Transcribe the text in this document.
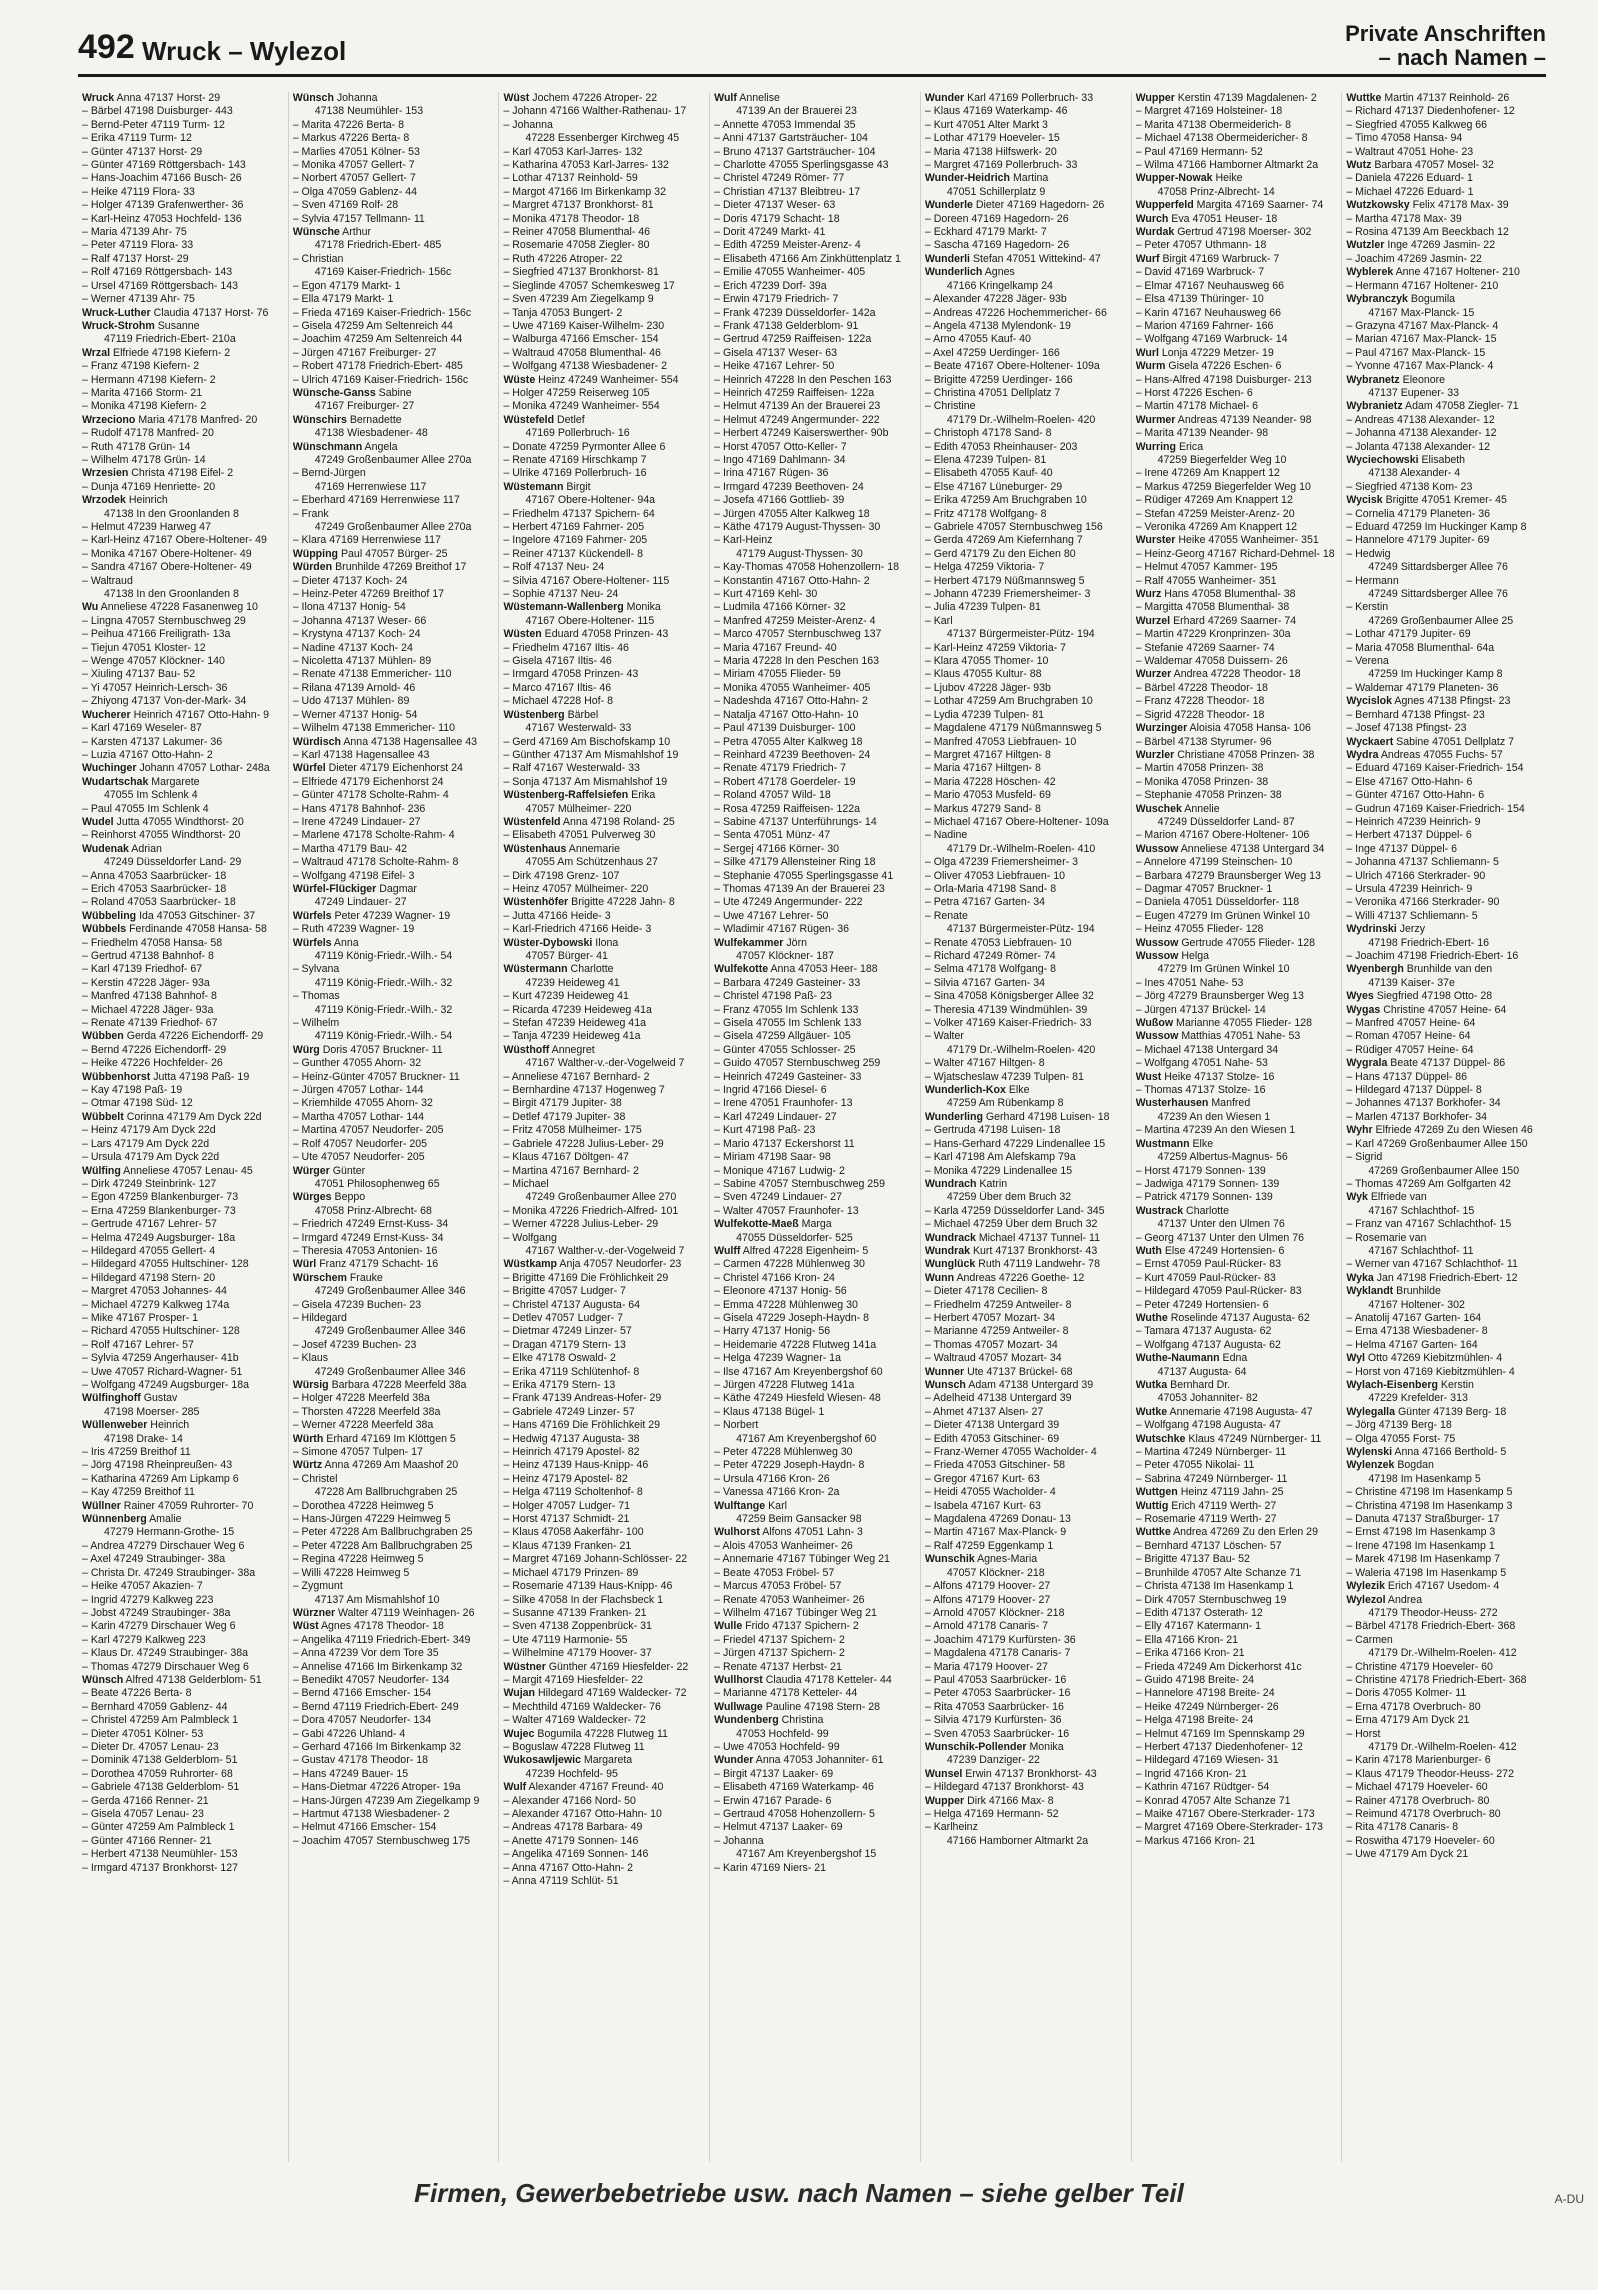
492 Wruck – Wylezol
Private Anschriften
– nach Namen –
Wruck Anna 47137 Horst- 29
– Bärbel 47198 Duisburger- 443
– Bernd-Peter 47119 Turm- 12
– Erika 47119 Turm- 12
– Günter 47137 Horst- 29
– Günter 47169 Röttgersbach- 143
– Hans-Joachim 47166 Busch- 26
– Heike 47119 Flora- 33
– Holger 47139 Grafenwerther- 36
– Karl-Heinz 47053 Hochfeld- 136
– Maria 47139 Ahr- 75
– Peter 47119 Flora- 33
– Ralf 47137 Horst- 29
– Rolf 47169 Röttgersbach- 143
– Ursel 47169 Röttgersbach- 143
– Werner 47139 Ahr- 75
Wruck-Luther Claudia 47137 Horst- 76
Wruck-Strohm Susanne
47119 Friedrich-Ebert- 210a
Wrzal Elfriede 47198 Kiefern- 2
– Franz 47198 Kiefern- 2
– Hermann 47198 Kiefern- 2
– Marita 47166 Storm- 21
– Monika 47198 Kiefern- 2
Wrzeciono Maria 47178 Manfred- 20
– Rudolf 47178 Manfred- 20
– Ruth 47178 Grün- 14
– Wilhelm 47178 Grün- 14
Wrzesien Christa 47198 Eifel- 2
– Dunja 47169 Henriette- 20
Wrzodek Heinrich
47138 In den Groonlanden 8
– Helmut 47239 Harweg 47
– Karl-Heinz 47167 Obere-Holtener- 49
– Monika 47167 Obere-Holtener- 49
– Sandra 47167 Obere-Holtener- 49
– Waltraud
47138 In den Groonlanden 8
Wu Anneliese 47228 Fasanenweg 10
– Lingna 47057 Sternbuschweg 29
– Peihua 47166 Freiligrath- 13a
– Tiejun 47051 Kloster- 12
– Wenge 47057 Klöckner- 140
– Xiuling 47137 Bau- 52
– Yi 47057 Heinrich-Lersch- 36
– Zhiyong 47137 Von-der-Mark- 34
Wucherer Heinrich 47167 Otto-Hahn- 9
– Karl 47169 Weseler- 87
– Karsten 47137 Lakumer- 36
– Luzia 47167 Otto-Hahn- 2
Wuchinger Johann 47057 Lothar- 248a
Wudartschak Margarete
47055 Im Schlenk 4
– Paul 47055 Im Schlenk 4
Wudel Jutta 47055 Windthorst- 20
– Reinhorst 47055 Windthorst- 20
Wudenak Adrian
47249 Düsseldorfer Land- 29
– Anna 47053 Saarbrücker- 18
– Erich 47053 Saarbrücker- 18
– Roland 47053 Saarbrücker- 18
Wübbeling Ida 47053 Gitschiner- 37
Wübbels Ferdinande 47058 Hansa- 58
– Friedhelm 47058 Hansa- 58
– Gertrud 47138 Bahnhof- 8
– Karl 47139 Friedhof- 67
– Kerstin 47228 Jäger- 93a
– Manfred 47138 Bahnhof- 8
– Michael 47228 Jäger- 93a
– Renate 47139 Friedhof- 67
Wübben Gerda 47226 Eichendorff- 29
– Bernd 47226 Eichendorff- 29
– Heike 47226 Hochfelder- 26
Wübbenhorst Jutta 47198 Paß- 19
– Kay 47198 Paß- 19
– Otmar 47198 Süd- 12
Wübbelt Corinna 47179 Am Dyck 22d
– Heinz 47179 Am Dyck 22d
– Lars 47179 Am Dyck 22d
– Ursula 47179 Am Dyck 22d
Wülfing Anneliese 47057 Lenau- 45
– Dirk 47249 Steinbrink- 127
– Egon 47259 Blankenburger- 73
– Erna 47259 Blankenburger- 73
– Gertrude 47167 Lehrer- 57
– Helma 47249 Augsburger- 18a
– Hildegard 47055 Gellert- 4
– Hildegard 47055 Hultschiner- 128
– Hildegard 47198 Stern- 20
– Margret 47053 Johannes- 44
– Michael 47279 Kalkweg 174a
– Mike 47167 Prosper- 1
– Richard 47055 Hultschiner- 128
– Rolf 47167 Lehrer- 57
– Sylvia 47259 Angerhauser- 41b
– Uwe 47057 Richard-Wagner- 51
– Wolfgang 47249 Augsburger- 18a
Wülfinghoff Gustav
47198 Moerser- 285
Wüllenweber Heinrich
47198 Drake- 14
– Iris 47259 Breithof 11
– Jörg 47198 Rheinpreußen- 43
– Katharina 47269 Am Lipkamp 6
– Kay 47259 Breithof 11
Wüllner Rainer 47059 Ruhrorter- 70
Wünnenberg Amalie
47279 Hermann-Grothe- 15
– Andrea 47279 Dirschauer Weg 6
– Axel 47249 Straubinger- 38a
– Christa Dr. 47249 Straubinger- 38a
– Heike 47057 Akazien- 7
– Ingrid 47279 Kalkweg 223
– Jobst 47249 Straubinger- 38a
– Karin 47279 Dirschauer Weg 6
– Karl 47279 Kalkweg 223
– Klaus Dr. 47249 Straubinger- 38a
– Thomas 47279 Dirschauer Weg 6
Wünsch Alfred 47138 Gelderblom- 51
– Beate 47226 Berta- 8
– Bernhard 47059 Gablenz- 44
– Christel 47259 Am Palmbleck 1
– Dieter 47051 Kölner- 53
– Dieter Dr. 47057 Lenau- 23
– Dominik 47138 Gelderblom- 51
– Dorothea 47059 Ruhrorter- 68
– Gabriele 47138 Gelderblom- 51
– Gerda 47166 Renner- 21
– Gisela 47057 Lenau- 23
– Günter 47259 Am Palmbleck 1
– Günter 47166 Renner- 21
– Herbert 47138 Neumühler- 153
– Irmgard 47137 Bronkhorst- 127
Wünsch Johanna
47138 Neumühler- 153
– Marita 47226 Berta- 8
– Markus 47226 Berta- 8
– Marlies 47051 Kölner- 53
– Monika 47057 Gellert- 7
– Norbert 47057 Gellert- 7
– Olga 47059 Gablenz- 44
– Sven 47169 Rolf- 28
– Sylvia 47157 Tellmann- 11
Wünsche Arthur
47178 Friedrich-Ebert- 485
– Christian
47169 Kaiser-Friedrich- 156c
– Egon 47179 Markt- 1
– Ella 47179 Markt- 1
– Frieda 47169 Kaiser-Friedrich- 156c
– Gisela 47259 Am Seltenreich 44
– Joachim 47259 Am Seltenreich 44
– Jürgen 47167 Freiburger- 27
– Robert 47178 Friedrich-Ebert- 485
– Ulrich 47169 Kaiser-Friedrich- 156c
Wünsche-Ganss Sabine
47167 Freiburger- 27
Wünschirs Bernadette
47138 Wiesbadener- 48
Wünschmann Angela
47249 Großenbaumer Allee 270a
– Bernd-Jürgen
47169 Herrenwiese 117
– Eberhard 47169 Herrenwiese 117
– Frank
47249 Großenbaumer Allee 270a
– Klara 47169 Herrenwiese 117
Wüpping Paul 47057 Bürger- 25
Würden Brunhilde 47269 Breithof 17
– Dieter 47137 Koch- 24
– Heinz-Peter 47269 Breithof 17
– Ilona 47137 Honig- 54
– Johanna 47137 Weser- 66
– Krystyna 47137 Koch- 24
– Nadine 47137 Koch- 24
– Nicoletta 47137 Mühlen- 89
– Renate 47138 Emmericher- 110
– Rilana 47139 Arnold- 46
– Udo 47137 Mühlen- 89
– Werner 47137 Honig- 54
– Wilhelm 47138 Emmericher- 110
Würdisch Anna 47138 Hagensallee 43
– Karl 47138 Hagensallee 43
Würfel Dieter 47179 Eichenhorst 24
– Elfriede 47179 Eichenhorst 24
– Günter 47178 Scholte-Rahm- 4
– Hans 47178 Bahnhof- 236
– Irene 47249 Lindauer- 27
– Marlene 47178 Scholte-Rahm- 4
– Martha 47179 Bau- 42
– Waltraud 47178 Scholte-Rahm- 8
– Wolfgang 47198 Eifel- 3
Würfel-Flückiger Dagmar
47249 Lindauer- 27
Würfels Peter 47239 Wagner- 19
– Ruth 47239 Wagner- 19
Würfels Anna
47119 König-Friedr.-Wilh.- 54
– Sylvana
47119 König-Friedr.-Wilh.- 32
– Thomas
47119 König-Friedr.-Wilh.- 32
– Wilhelm
47119 König-Friedr.-Wilh.- 54
Würg Doris 47057 Bruckner- 11
– Gunther 47055 Ahorn- 32
– Heinz-Günter 47057 Bruckner- 11
– Jürgen 47057 Lothar- 144
– Kriemhilde 47055 Ahorn- 32
– Martha 47057 Lothar- 144
– Martina 47057 Neudorfer- 205
– Rolf 47057 Neudorfer- 205
– Ute 47057 Neudorfer- 205
Würger Günter
47051 Philosophenweg 65
Würges Beppo
47058 Prinz-Albrecht- 68
– Friedrich 47249 Ernst-Kuss- 34
– Irmgard 47249 Ernst-Kuss- 34
– Theresia 47053 Antonien- 16
Würl Franz 47179 Schacht- 16
Würschem Frauke
47249 Großenbaumer Allee 346
– Gisela 47239 Buchen- 23
– Hildegard
47249 Großenbaumer Allee 346
– Josef 47239 Buchen- 23
– Klaus
47249 Großenbaumer Allee 346
Würsig Barbara 47228 Meerfeld 38a
– Holger 47228 Meerfeld 38a
– Thorsten 47228 Meerfeld 38a
– Werner 47228 Meerfeld 38a
Würth Erhard 47169 Im Klöttgen 5
– Simone 47057 Tulpen- 17
Würtz Anna 47269 Am Maashof 20
– Christel
47228 Am Ballbruchgraben 25
– Dorothea 47228 Heimweg 5
– Hans-Jürgen 47229 Heimweg 5
– Peter 47228 Am Ballbruchgraben 25
– Peter 47228 Am Ballbruchgraben 25
– Regina 47228 Heimweg 5
– Willi 47228 Heimweg 5
– Zygmunt
47137 Am Mismahlshof 10
Würzner Walter 47119 Weinhagen- 26
Wüst Agnes 47178 Theodor- 18
– Angelika 47119 Friedrich-Ebert- 349
– Anna 47239 Vor dem Tore 35
– Annelise 47166 Im Birkenkamp 32
– Benedikt 47057 Neudorfer- 134
– Bernd 47166 Emscher- 154
– Bernd 47119 Friedrich-Ebert- 249
– Dora 47057 Neudorfer- 134
– Gabi 47226 Uhland- 4
– Gerhard 47166 Im Birkenkamp 32
– Gustav 47178 Theodor- 18
– Hans 47249 Bauer- 15
– Hans-Dietmar 47226 Atroper- 19a
– Hans-Jürgen 47239 Am Ziegelkamp 9
– Hartmut 47138 Wiesbadener- 2
– Helmut 47166 Emscher- 154
– Joachim 47057 Sternbuschweg 175
Wüst Jochem 47226 Atroper- 22
– Johann 47166 Walther-Rathenau- 17
– Johanna
47228 Essenberger Kirchweg 45
– Karl 47053 Karl-Jarres- 132
– Katharina 47053 Karl-Jarres- 132
– Lothar 47137 Reinhold- 59
– Margot 47166 Im Birkenkamp 32
– Margret 47137 Bronkhorst- 81
– Monika 47178 Theodor- 18
– Reiner 47058 Blumenthal- 46
– Rosemarie 47058 Ziegler- 80
– Ruth 47226 Atroper- 22
– Siegfried 47137 Bronkhorst- 81
– Sieglinde 47057 Schemkesweg 17
– Sven 47239 Am Ziegelkamp 9
– Tanja 47053 Bungert- 2
– Uwe 47169 Kaiser-Wilhelm- 230
– Walburga 47166 Emscher- 154
– Waltraud 47058 Blumenthal- 46
– Wolfgang 47138 Wiesbadener- 2
Wüste Heinz 47249 Wanheimer- 554
– Holger 47259 Reiserweg 105
– Monika 47249 Wanheimer- 554
Wüstefeld Detlef
47169 Pollerbruch- 16
– Donate 47259 Pyrmonter Allee 6
– Renate 47169 Hirschkamp 7
– Ulrike 47169 Pollerbruch- 16
Wüstemann Birgit
47167 Obere-Holtener- 94a
– Friedhelm 47137 Spichern- 64
– Herbert 47169 Fahrner- 205
– Ingelore 47169 Fahrner- 205
– Reiner 47137 Kückendell- 8
– Rolf 47137 Neu- 24
– Silvia 47167 Obere-Holtener- 115
– Sophie 47137 Neu- 24
Wüstemann-Wallenberg Monika
47167 Obere-Holtener- 115
Wüsten Eduard 47058 Prinzen- 43
– Friedhelm 47167 Iltis- 46
– Gisela 47167 Iltis- 46
– Irmgard 47058 Prinzen- 43
– Marco 47167 Iltis- 46
– Michael 47228 Hof- 8
Wüstenberg Bärbel
47167 Westerwald- 33
– Gerd 47169 Am Bischofskamp 10
– Günther 47137 Am Mismahlshof 19
– Ralf 47167 Westerwald- 33
– Sonja 47137 Am Mismahlshof 19
Wüstenberg-Raffelsiefen Erika
47057 Mülheimer- 220
Wüstenfeld Anna 47198 Roland- 25
– Elisabeth 47051 Pulverweg 30
Wüstenhaus Annemarie
47055 Am Schützenhaus 27
– Dirk 47198 Grenz- 107
– Heinz 47057 Mülheimer- 220
Wüstenhöfer Brigitte 47228 Jahn- 8
– Jutta 47166 Heide- 3
– Karl-Friedrich 47166 Heide- 3
Wüster-Dybowski Ilona
47057 Bürger- 41
Wüstermann Charlotte
47239 Heideweg 41
– Kurt 47239 Heideweg 41
– Ricarda 47239 Heideweg 41a
– Stefan 47239 Heideweg 41a
– Tanja 47239 Heideweg 41a
Wüsthoff Annegret
47167 Walther-v.-der-Vogelweid 7
– Anneliese 47167 Bernhard- 2
– Bernhardine 47137 Hogenweg 7
– Birgit 47179 Jupiter- 38
– Detlef 47179 Jupiter- 38
– Fritz 47058 Mülheimer- 175
– Gabriele 47228 Julius-Leber- 29
– Klaus 47167 Döltgen- 47
– Martina 47167 Bernhard- 2
– Michael
47249 Großenbaumer Allee 270
– Monika 47226 Friedrich-Alfred- 101
– Werner 47228 Julius-Leber- 29
– Wolfgang
47167 Walther-v.-der-Vogelweid 7
Wüstkamp Anja 47057 Neudorfer- 23
– Brigitte 47169 Die Fröhlichkeit 29
– Brigitte 47057 Ludger- 7
– Christel 47137 Augusta- 64
– Detlev 47057 Ludger- 7
– Dietmar 47249 Linzer- 57
– Dragan 47179 Stern- 13
– Elke 47178 Oswald- 2
– Erika 47119 Schlütenhof- 8
– Erika 47179 Stern- 13
– Frank 47139 Andreas-Hofer- 29
– Gabriele 47249 Linzer- 57
– Hans 47169 Die Fröhlichkeit 29
– Hedwig 47137 Augusta- 38
– Heinrich 47179 Apostel- 82
– Heinz 47139 Haus-Knipp- 46
– Heinz 47179 Apostel- 82
– Helga 47119 Scholtenhof- 8
– Holger 47057 Ludger- 71
– Horst 47137 Schmidt- 21
– Klaus 47058 Aakerfähr- 100
– Klaus 47139 Franken- 21
– Margret 47169 Johann-Schlösser- 22
– Michael 47179 Prinzen- 89
– Rosemarie 47139 Haus-Knipp- 46
– Silke 47058 In der Flachsbeck 1
– Susanne 47139 Franken- 21
– Sven 47138 Zoppenbrück- 31
– Ute 47119 Harmonie- 55
– Wilhelmine 47179 Hoover- 37
Wüstner Günther 47169 Hiesfelder- 22
– Margit 47169 Hiesfelder- 22
Wujan Hildegard 47169 Waldecker- 72
– Mechthild 47169 Waldecker- 76
– Walter 47169 Waldecker- 72
Wujec Bogumila 47228 Flutweg 11
– Boguslaw 47228 Flutweg 11
Wukosawljewic Margareta
47239 Hochfeld- 95
Wulf Alexander 47167 Freund- 40
– Alexander 47166 Nord- 50
– Alexander 47167 Otto-Hahn- 10
– Andreas 47178 Barbara- 49
– Anette 47179 Sonnen- 146
– Angelika 47169 Sonnen- 146
– Anna 47167 Otto-Hahn- 2
– Anna 47119 Schlüt- 51
Wulf Annelise
47139 An der Brauerei 23
– Annette 47053 Immendal 35
– Anni 47137 Gartsträucher- 104
– Bruno 47137 Gartsträucher- 104
– Charlotte 47055 Sperlingsgasse 43
– Christel 47249 Römer- 77
– Christian 47137 Bleibtreu- 17
– Dieter 47137 Weser- 63
– Doris 47179 Schacht- 18
– Dorit 47249 Markt- 41
– Edith 47259 Meister-Arenz- 4
– Elisabeth 47166 Am Zinkhüttenplatz 1
– Emilie 47055 Wanheimer- 405
– Erich 47239 Dorf- 39a
– Erwin 47179 Friedrich- 7
– Frank 47239 Düsseldorfer- 142a
– Frank 47138 Gelderblom- 91
– Gertrud 47259 Raiffeisen- 122a
– Gisela 47137 Weser- 63
– Heike 47167 Lehrer- 50
– Heinrich 47228 In den Peschen 163
– Heinrich 47259 Raiffeisen- 122a
– Helmut 47139 An der Brauerei 23
– Helmut 47249 Angermunder- 222
– Herbert 47249 Kaiserswerther- 90b
– Horst 47057 Otto-Keller- 7
– Ingo 47169 Dahlmann- 34
– Irina 47167 Rügen- 36
– Irmgard 47239 Beethoven- 24
– Josefa 47166 Gottlieb- 39
– Jürgen 47055 Alter Kalkweg 18
– Käthe 47179 August-Thyssen- 30
– Karl-Heinz
47179 August-Thyssen- 30
– Kay-Thomas 47058 Hohenzollern- 18
– Konstantin 47167 Otto-Hahn- 2
– Kurt 47169 Kehl- 30
– Ludmila 47166 Körner- 32
– Manfred 47259 Meister-Arenz- 4
– Marco 47057 Sternbuschweg 137
– Maria 47167 Freund- 40
– Maria 47228 In den Peschen 163
– Miriam 47055 Flieder- 59
– Monika 47055 Wanheimer- 405
– Nadeshda 47167 Otto-Hahn- 2
– Natalja 47167 Otto-Hahn- 10
– Paul 47139 Duisburger- 100
– Petra 47055 Alter Kalkweg 18
– Reinhard 47239 Beethoven- 24
– Renate 47179 Friedrich- 7
– Robert 47178 Goerdeler- 19
– Roland 47057 Wild- 18
– Rosa 47259 Raiffeisen- 122a
– Sabine 47137 Unterführungs- 14
– Senta 47051 Münz- 47
– Sergej 47166 Körner- 30
– Silke 47179 Allensteiner Ring 18
– Stephanie 47055 Sperlingsgasse 41
– Thomas 47139 An der Brauerei 23
– Ute 47249 Angermunder- 222
– Uwe 47167 Lehrer- 50
– Wladimir 47167 Rügen- 36
Wulfekammer Jörn
47057 Klöckner- 187
Wulfekotte Anna 47053 Heer- 188
– Barbara 47249 Gasteiner- 33
– Christel 47198 Paß- 23
– Franz 47055 Im Schlenk 133
– Gisela 47055 Im Schlenk 133
– Gisela 47259 Allgäuer- 105
– Günter 47055 Schlosser- 25
– Guido 47057 Sternbuschweg 259
– Heinrich 47249 Gasteiner- 33
– Ingrid 47166 Diesel- 6
– Irene 47051 Fraunhofer- 13
– Karl 47249 Lindauer- 27
– Kurt 47198 Paß- 23
– Mario 47137 Eckershorst 11
– Miriam 47198 Saar- 98
– Monique 47167 Ludwig- 2
– Sabine 47057 Sternbuschweg 259
– Sven 47249 Lindauer- 27
– Walter 47057 Fraunhofer- 13
Wulfekotte-Maeß Marga
47055 Düsseldorfer- 525
Wulff Alfred 47228 Eigenheim- 5
– Carmen 47228 Mühlenweg 30
– Christel 47166 Kron- 24
– Eleonore 47137 Honig- 56
– Emma 47228 Mühlenweg 30
– Gisela 47229 Joseph-Haydn- 8
– Harry 47137 Honig- 56
– Heidemarie 47228 Flutweg 141a
– Helga 47239 Wagner- 1a
– Ilse 47167 Am Kreyenbergshof 60
– Jürgen 47228 Flutweg 141a
– Käthe 47249 Hiesfeld Wiesen- 48
– Klaus 47138 Bügel- 1
– Norbert
47167 Am Kreyenbergshof 60
– Peter 47228 Mühlenweg 30
– Peter 47229 Joseph-Haydn- 8
– Ursula 47166 Kron- 26
– Vanessa 47166 Kron- 2a
Wulftange Karl
47259 Beim Gansacker 98
Wulhorst Alfons 47051 Lahn- 3
– Alois 47053 Wanheimer- 26
– Annemarie 47167 Tübinger Weg 21
– Beate 47053 Fröbel- 57
– Marcus 47053 Fröbel- 57
– Renate 47053 Wanheimer- 26
– Wilhelm 47167 Tübinger Weg 21
Wulle Frido 47137 Spichern- 2
– Friedel 47137 Spichern- 2
– Jürgen 47137 Spichern- 2
– Renate 47137 Herbst- 21
Wullhorst Claudia 47178 Ketteler- 44
– Marianne 47178 Ketteler- 44
Wullwage Pauline 47198 Stern- 28
Wundenberg Christina
47053 Hochfeld- 99
– Uwe 47053 Hochfeld- 99
Wunder Anna 47053 Johanniter- 61
– Birgit 47137 Laaker- 69
– Elisabeth 47169 Waterkamp- 46
– Erwin 47167 Parade- 6
– Gertraud 47058 Hohenzollern- 5
– Helmut 47137 Laaker- 69
– Johanna
47167 Am Kreyenbergshof 15
– Karin 47169 Niers- 21
Wunder Karl 47169 Pollerbruch- 33
– Klaus 47169 Waterkamp- 46
– Kurt 47051 Alter Markt 3
– Lothar 47179 Hoeveler- 15
– Maria 47138 Hilfswerk- 20
– Margret 47169 Pollerbruch- 33
Wunder-Heidrich Martina
47051 Schillerplatz 9
Wunderle Dieter 47169 Hagedorn- 26
– Doreen 47169 Hagedorn- 26
– Eckhard 47179 Markt- 7
– Sascha 47169 Hagedorn- 26
Wunderli Stefan 47051 Wittekind- 47
Wunderlich Agnes
47166 Kringelkamp 24
– Alexander 47228 Jäger- 93b
– Andreas 47226 Hochemmericher- 66
– Angela 47138 Mylendonk- 19
– Arno 47055 Kauf- 40
– Axel 47259 Uerdinger- 166
– Beate 47167 Obere-Holtener- 109a
– Brigitte 47259 Uerdinger- 166
– Christina 47051 Dellplatz 7
– Christine
47179 Dr.-Wilhelm-Roelen- 420
– Christoph 47178 Sand- 8
– Edith 47053 Rheinhauser- 203
– Elena 47239 Tulpen- 81
– Elisabeth 47055 Kauf- 40
– Else 47167 Lüneburger- 29
– Erika 47259 Am Bruchgraben 10
– Fritz 47178 Wolfgang- 8
– Gabriele 47057 Sternbuschweg 156
– Gerda 47269 Am Kiefernhang 7
– Gerd 47179 Zu den Eichen 80
– Helga 47259 Viktoria- 7
– Herbert 47179 Nüßmannsweg 5
– Johann 47239 Friemersheimer- 3
– Julia 47239 Tulpen- 81
– Karl
47137 Bürgermeister-Pütz- 194
– Karl-Heinz 47259 Viktoria- 7
– Klara 47055 Thomer- 10
– Klaus 47055 Kultur- 88
– Ljubov 47228 Jäger- 93b
– Lothar 47259 Am Bruchgraben 10
– Lydia 47239 Tulpen- 81
– Magdalene 47179 Nüßmannsweg 5
– Manfred 47053 Liebfrauen- 10
– Margret 47167 Hiltgen- 8
– Maria 47167 Hiltgen- 8
– Maria 47228 Höschen- 42
– Mario 47053 Musfeld- 69
– Markus 47279 Sand- 8
– Michael 47167 Obere-Holtener- 109a
– Nadine
47179 Dr.-Wilhelm-Roelen- 410
– Olga 47239 Friemersheimer- 3
– Oliver 47053 Liebfrauen- 10
– Orla-Maria 47198 Sand- 8
– Petra 47167 Garten- 34
– Renate
47137 Bürgermeister-Pütz- 194
– Renate 47053 Liebfrauen- 10
– Richard 47249 Römer- 74
– Selma 47178 Wolfgang- 8
– Silvia 47167 Garten- 34
– Sina 47058 Königsberger Allee 32
– Theresia 47139 Windmühlen- 39
– Volker 47169 Kaiser-Friedrich- 33
– Walter
47179 Dr.-Wilhelm-Roelen- 420
– Walter 47167 Hiltgen- 8
– Wjatscheslaw 47239 Tulpen- 81
Wunderlich-Kox Elke
47259 Am Rübenkamp 8
Wunderling Gerhard 47198 Luisen- 18
– Gertruda 47198 Luisen- 18
– Hans-Gerhard 47229 Lindenallee 15
– Karl 47198 Am Alefskamp 79a
– Monika 47229 Lindenallee 15
Wundrach Katrin
47259 Über dem Bruch 32
– Karla 47259 Düsseldorfer Land- 345
– Michael 47259 Über dem Bruch 32
Wundrack Michael 47137 Tunnel- 11
Wundrak Kurt 47137 Bronkhorst- 43
Wunglück Ruth 47119 Landwehr- 78
Wunn Andreas 47226 Goethe- 12
– Dieter 47178 Cecilien- 8
– Friedhelm 47259 Antweiler- 8
– Herbert 47057 Mozart- 34
– Marianne 47259 Antweiler- 8
– Thomas 47057 Mozart- 34
– Waltraud 47057 Mozart- 34
Wunner Ute 47137 Brückel- 68
Wunsch Adam 47138 Untergard 39
– Adelheid 47138 Untergard 39
– Ahmet 47137 Alsen- 27
– Dieter 47138 Untergard 39
– Edith 47053 Gitschiner- 69
– Franz-Werner 47055 Wacholder- 4
– Frieda 47053 Gitschiner- 58
– Gregor 47167 Kurt- 63
– Heidi 47055 Wacholder- 4
– Isabela 47167 Kurt- 63
– Magdalena 47269 Donau- 13
– Martin 47167 Max-Planck- 9
– Ralf 47259 Eggenkamp 1
Wunschik Agnes-Maria
47057 Klöckner- 218
– Alfons 47179 Hoover- 27
– Alfons 47179 Hoover- 27
– Arnold 47057 Klöckner- 218
– Arnold 47178 Canaris- 7
– Joachim 47179 Kurfürsten- 36
– Magdalena 47178 Canaris- 7
– Maria 47179 Hoover- 27
– Paul 47053 Saarbrücker- 16
– Peter 47053 Saarbrücker- 16
– Rita 47053 Saarbrücker- 16
– Silvia 47179 Kurfürsten- 36
– Sven 47053 Saarbrücker- 16
Wunschik-Pollender Monika
47239 Danziger- 22
Wunsel Erwin 47137 Bronkhorst- 43
– Hildegard 47137 Bronkhorst- 43
Wupper Dirk 47166 Max- 8
– Helga 47169 Hermann- 52
– Karlheinz
47166 Hamborner Altmarkt 2a
Wupper Kerstin 47139 Magdalenen- 2
– Margret 47169 Holsteiner- 18
– Marita 47138 Obermeiderich- 8
– Michael 47138 Obermeidericher- 8
– Paul 47169 Hermann- 52
– Wilma 47166 Hamborner Altmarkt 2a
Wupper-Nowak Heike
47058 Prinz-Albrecht- 14
Wupperfeld Margita 47169 Saarner- 74
Wurch Eva 47051 Heuser- 18
Wurdak Gertrud 47198 Moerser- 302
– Peter 47057 Uthmann- 18
Wurf Birgit 47169 Warbruck- 7
– David 47169 Warbruck- 7
– Elmar 47167 Neuhausweg 66
– Elsa 47139 Thüringer- 10
– Karin 47167 Neuhausweg 66
– Marion 47169 Fahrner- 166
– Wolfgang 47169 Warbruck- 14
Wurl Lonja 47229 Metzer- 19
Wurm Gisela 47226 Eschen- 6
– Hans-Alfred 47198 Duisburger- 213
– Horst 47226 Eschen- 6
– Martin 47178 Michael- 6
Wurmer Andreas 47139 Neander- 98
– Marita 47139 Neander- 98
Wurring Erica
47259 Biegerfelder Weg 10
– Irene 47269 Am Knappert 12
– Markus 47259 Biegerfelder Weg 10
– Rüdiger 47269 Am Knappert 12
– Stefan 47259 Meister-Arenz- 20
– Veronika 47269 Am Knappert 12
Wurster Heike 47055 Wanheimer- 351
– Heinz-Georg 47167 Richard-Dehmel- 18
– Helmut 47057 Kammer- 195
– Ralf 47055 Wanheimer- 351
Wurz Hans 47058 Blumenthal- 38
– Margitta 47058 Blumenthal- 38
Wurzel Erhard 47269 Saarner- 74
– Martin 47229 Kronprinzen- 30a
– Stefanie 47269 Saarner- 74
– Waldemar 47058 Duissern- 26
Wurzer Andrea 47228 Theodor- 18
– Bärbel 47228 Theodor- 18
– Franz 47228 Theodor- 18
– Sigrid 47228 Theodor- 18
Wurzinger Aloisia 47058 Hansa- 106
– Bärbel 47138 Styrumer- 96
Wurzler Christiane 47058 Prinzen- 38
– Martin 47058 Prinzen- 38
– Monika 47058 Prinzen- 38
– Stephanie 47058 Prinzen- 38
Wuschek Annelie
47249 Düsseldorfer Land- 87
– Marion 47167 Obere-Holtener- 106
Wussow Anneliese 47138 Untergard 34
– Annelore 47199 Steinschen- 10
– Barbara 47279 Braunsberger Weg 13
– Dagmar 47057 Bruckner- 1
– Daniela 47051 Düsseldorfer- 118
– Eugen 47279 Im Grünen Winkel 10
– Heinz 47055 Flieder- 128
Wussow Gertrude 47055 Flieder- 128
Wussow Helga
47279 Im Grünen Winkel 10
– Ines 47051 Nahe- 53
– Jörg 47279 Braunsberger Weg 13
– Jürgen 47137 Brückel- 14
Wußow Marianne 47055 Flieder- 128
Wussow Matthias 47051 Nahe- 53
– Michael 47138 Untergard 34
– Wolfgang 47051 Nahe- 53
Wust Heike 47137 Stolze- 16
– Thomas 47137 Stolze- 16
Wusterhausen Manfred
47239 An den Wiesen 1
– Martina 47239 An den Wiesen 1
Wustmann Elke
47259 Albertus-Magnus- 56
– Horst 47179 Sonnen- 139
– Jadwiga 47179 Sonnen- 139
– Patrick 47179 Sonnen- 139
Wustrack Charlotte
47137 Unter den Ulmen 76
– Georg 47137 Unter den Ulmen 76
Wuth Else 47249 Hortensien- 6
– Ernst 47059 Paul-Rücker- 83
– Kurt 47059 Paul-Rücker- 83
– Hildegard 47059 Paul-Rücker- 83
– Peter 47249 Hortensien- 6
Wuthe Roselinde 47137 Augusta- 62
– Tamara 47137 Augusta- 62
– Wolfgang 47137 Augusta- 62
Wuthe-Naumann Edna
47137 Augusta- 64
Wutka Bernhard Dr.
47053 Johanniter- 82
Wutke Annemarie 47198 Augusta- 47
– Wolfgang 47198 Augusta- 47
Wutschke Klaus 47249 Nürnberger- 11
– Martina 47249 Nürnberger- 11
– Peter 47055 Nikolai- 11
– Sabrina 47249 Nürnberger- 11
Wuttgen Heinz 47119 Jahn- 25
Wuttig Erich 47119 Werth- 27
– Rosemarie 47119 Werth- 27
Wuttke Andrea 47269 Zu den Erlen 29
– Bernhard 47137 Löschen- 57
– Brigitte 47137 Bau- 52
– Brunhilde 47057 Alte Schanze 71
– Christa 47138 Im Hasenkamp 1
– Dirk 47057 Sternbuschweg 19
– Edith 47137 Osterath- 12
– Elly 47167 Katermann- 1
– Ella 47166 Kron- 21
– Erika 47166 Kron- 21
– Frieda 47249 Am Dickerhorst 41c
– Guido 47198 Breite- 24
– Hannelore 47198 Breite- 24
– Heike 47249 Nürnberger- 26
– Helga 47198 Breite- 24
– Helmut 47169 Im Spennskamp 29
– Herbert 47137 Diedenhofener- 12
– Hildegard 47169 Wiesen- 31
– Ingrid 47166 Kron- 21
– Kathrin 47167 Rüdtger- 54
– Konrad 47057 Alte Schanze 71
– Maike 47167 Obere-Sterkrader- 173
– Margret 47169 Obere-Sterkrader- 173
– Markus 47166 Kron- 21
Wuttke Martin 47137 Reinhold- 26
– Richard 47137 Diedenhofener- 12
– Siegfried 47055 Kalkweg 66
– Timo 47058 Hansa- 94
– Waltraut 47051 Hohe- 23
Wutz Barbara 47057 Mosel- 32
– Daniela 47226 Eduard- 1
– Michael 47226 Eduard- 1
Wutzkowsky Felix 47178 Max- 39
– Martha 47178 Max- 39
– Rosina 47139 Am Beeckbach 12
Wutzler Inge 47269 Jasmin- 22
– Joachim 47269 Jasmin- 22
Wyblerek Anne 47167 Holtener- 210
– Hermann 47167 Holtener- 210
Wybranczyk Bogumila
47167 Max-Planck- 15
– Grazyna 47167 Max-Planck- 4
– Marian 47167 Max-Planck- 15
– Paul 47167 Max-Planck- 15
– Yvonne 47167 Max-Planck- 4
Wybranetz Eleonore
47137 Eupener- 33
Wybranietz Adam 47058 Ziegler- 71
– Andreas 47138 Alexander- 12
– Johanna 47138 Alexander- 12
– Jolanta 47138 Alexander- 12
Wyciechowski Elisabeth
47138 Alexander- 4
– Siegfried 47138 Kom- 23
Wycisk Brigitte 47051 Kremer- 45
– Cornelia 47179 Planeten- 36
– Eduard 47259 Im Huckinger Kamp 8
– Hannelore 47179 Jupiter- 69
– Hedwig
47249 Sittardsberger Allee 76
– Hermann
47249 Sittardsberger Allee 76
– Kerstin
47269 Großenbaumer Allee 25
– Lothar 47179 Jupiter- 69
– Maria 47058 Blumenthal- 64a
– Verena
47259 Im Huckinger Kamp 8
– Waldemar 47179 Planeten- 36
Wycislok Agnes 47138 Pfingst- 23
– Bernhard 47138 Pfingst- 23
– Josef 47138 Pfingst- 23
Wyckaert Sabine 47051 Dellplatz 7
Wydra Andreas 47055 Fuchs- 57
– Eduard 47169 Kaiser-Friedrich- 154
– Else 47167 Otto-Hahn- 6
– Günter 47167 Otto-Hahn- 6
– Gudrun 47169 Kaiser-Friedrich- 154
– Heinrich 47239 Heinrich- 9
– Herbert 47137 Düppel- 6
– Inge 47137 Düppel- 6
– Johanna 47137 Schliemann- 5
– Ulrich 47166 Sterkrader- 90
– Ursula 47239 Heinrich- 9
– Veronika 47166 Sterkrader- 90
– Willi 47137 Schliemann- 5
Wydrinski Jerzy
47198 Friedrich-Ebert- 16
– Joachim 47198 Friedrich-Ebert- 16
Wyenbergh Brunhilde van den
47139 Kaiser- 37e
Wyes Siegfried 47198 Otto- 28
Wygas Christine 47057 Heine- 64
– Manfred 47057 Heine- 64
– Roman 47057 Heine- 64
– Rüdiger 47057 Heine- 64
Wygrala Beate 47137 Düppel- 86
– Hans 47137 Düppel- 86
– Hildegard 47137 Düppel- 8
– Johannes 47137 Borkhofer- 34
– Marlen 47137 Borkhofer- 34
Wyhr Elfriede 47269 Zu den Wiesen 46
– Karl 47269 Großenbaumer Allee 150
– Sigrid
47269 Großenbaumer Allee 150
– Thomas 47269 Am Golfgarten 42
Wyk Elfriede van
47167 Schlachthof- 15
– Franz van 47167 Schlachthof- 15
– Rosemarie van
47167 Schlachthof- 11
– Werner van 47167 Schlachthof- 11
Wyka Jan 47198 Friedrich-Ebert- 12
Wyklandt Brunhilde
47167 Holtener- 302
– Anatolij 47167 Garten- 164
– Erna 47138 Wiesbadener- 8
– Helma 47167 Garten- 164
Wyl Otto 47269 Kiebitzmühlen- 4
– Horst von 47169 Kiebitzmühlen- 4
Wylach-Eisenberg Kerstin
47229 Krefelder- 313
Wylegalla Günter 47139 Berg- 18
– Jörg 47139 Berg- 18
– Olga 47055 Forst- 75
Wylenski Anna 47166 Berthold- 5
Wylenzek Bogdan
47198 Im Hasenkamp 5
– Christine 47198 Im Hasenkamp 5
– Christina 47198 Im Hasenkamp 3
– Danuta 47137 Straßburger- 17
– Ernst 47198 Im Hasenkamp 3
– Irene 47198 Im Hasenkamp 1
– Marek 47198 Im Hasenkamp 7
– Waleria 47198 Im Hasenkamp 5
Wylezik Erich 47167 Usedom- 4
Wylezol Andrea
47179 Theodor-Heuss- 272
– Bärbel 47178 Friedrich-Ebert- 368
– Carmen
47179 Dr.-Wilhelm-Roelen- 412
– Christine 47179 Hoeveler- 60
– Christine 47178 Friedrich-Ebert- 368
– Doris 47055 Kolmer- 11
– Erna 47178 Overbruch- 80
– Erna 47179 Am Dyck 21
– Horst
47179 Dr.-Wilhelm-Roelen- 412
– Karin 47178 Marienburger- 6
– Klaus 47179 Theodor-Heuss- 272
– Michael 47179 Hoeveler- 60
– Rainer 47178 Overbruch- 80
– Reimund 47178 Overbruch- 80
– Rita 47178 Canaris- 8
– Roswitha 47179 Hoeveler- 60
– Uwe 47179 Am Dyck 21
Firmen, Gewerbebetriebe usw. nach Namen – siehe gelber Teil	A-DU
